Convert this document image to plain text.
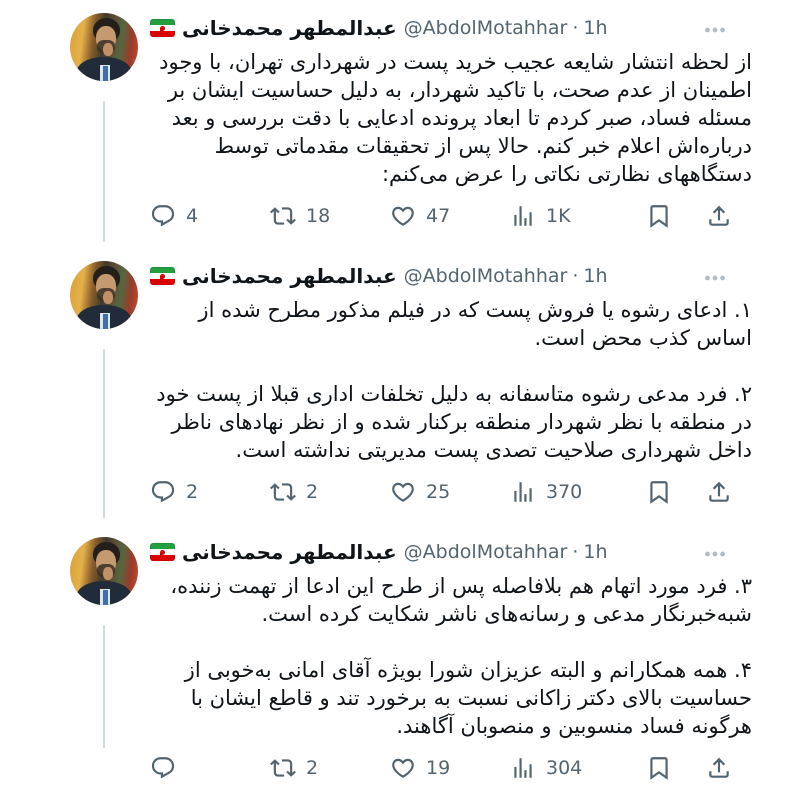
عبدالمطهر محمدخانی @AbdolMotahhar · 1h

از لحظه انتشار شایعه عجیب خرید پست در شهرداری تهران، با وجود اطمینان از عدم صحت، با تاکید شهردار، به دلیل حساسیت ایشان بر مسئله فساد، صبر کردم تا ابعاد پرونده ادعایی با دقت بررسی و بعد درباره‌اش اعلام خبر کنم. حالا پس از تحقیقات مقدماتی توسط دستگاههای نظارتی نکاتی را عرض می‌کنم:

4	18	47	1K
عبدالمطهر محمدخانی @AbdolMotahhar · 1h

۱. ادعای رشوه یا فروش پست که در فیلم مذکور مطرح شده از اساس کذب محض است.

۲. فرد مدعی رشوه متاسفانه به دلیل تخلفات اداری قبلا از پست خود در منطقه با نظر شهردار منطقه برکنار شده و از نظر نهادهای ناظر داخل شهرداری صلاحیت تصدی پست مدیریتی نداشته است.

2	2	25	370
عبدالمطهر محمدخانی @AbdolMotahhar · 1h

۳. فرد مورد اتهام هم بلافاصله پس از طرح این ادعا از تهمت زننده، شبه‌خبرنگار مدعی و رسانه‌های ناشر شکایت کرده است.

۴. همه همکارانم و البته عزیزان شورا بویژه آقای امانی به‌خوبی از حساسیت بالای دکتر زاکانی نسبت به برخورد تند و قاطع ایشان با هرگونه فساد منسوبین و منصوبان آگاهند.

2	19	304
